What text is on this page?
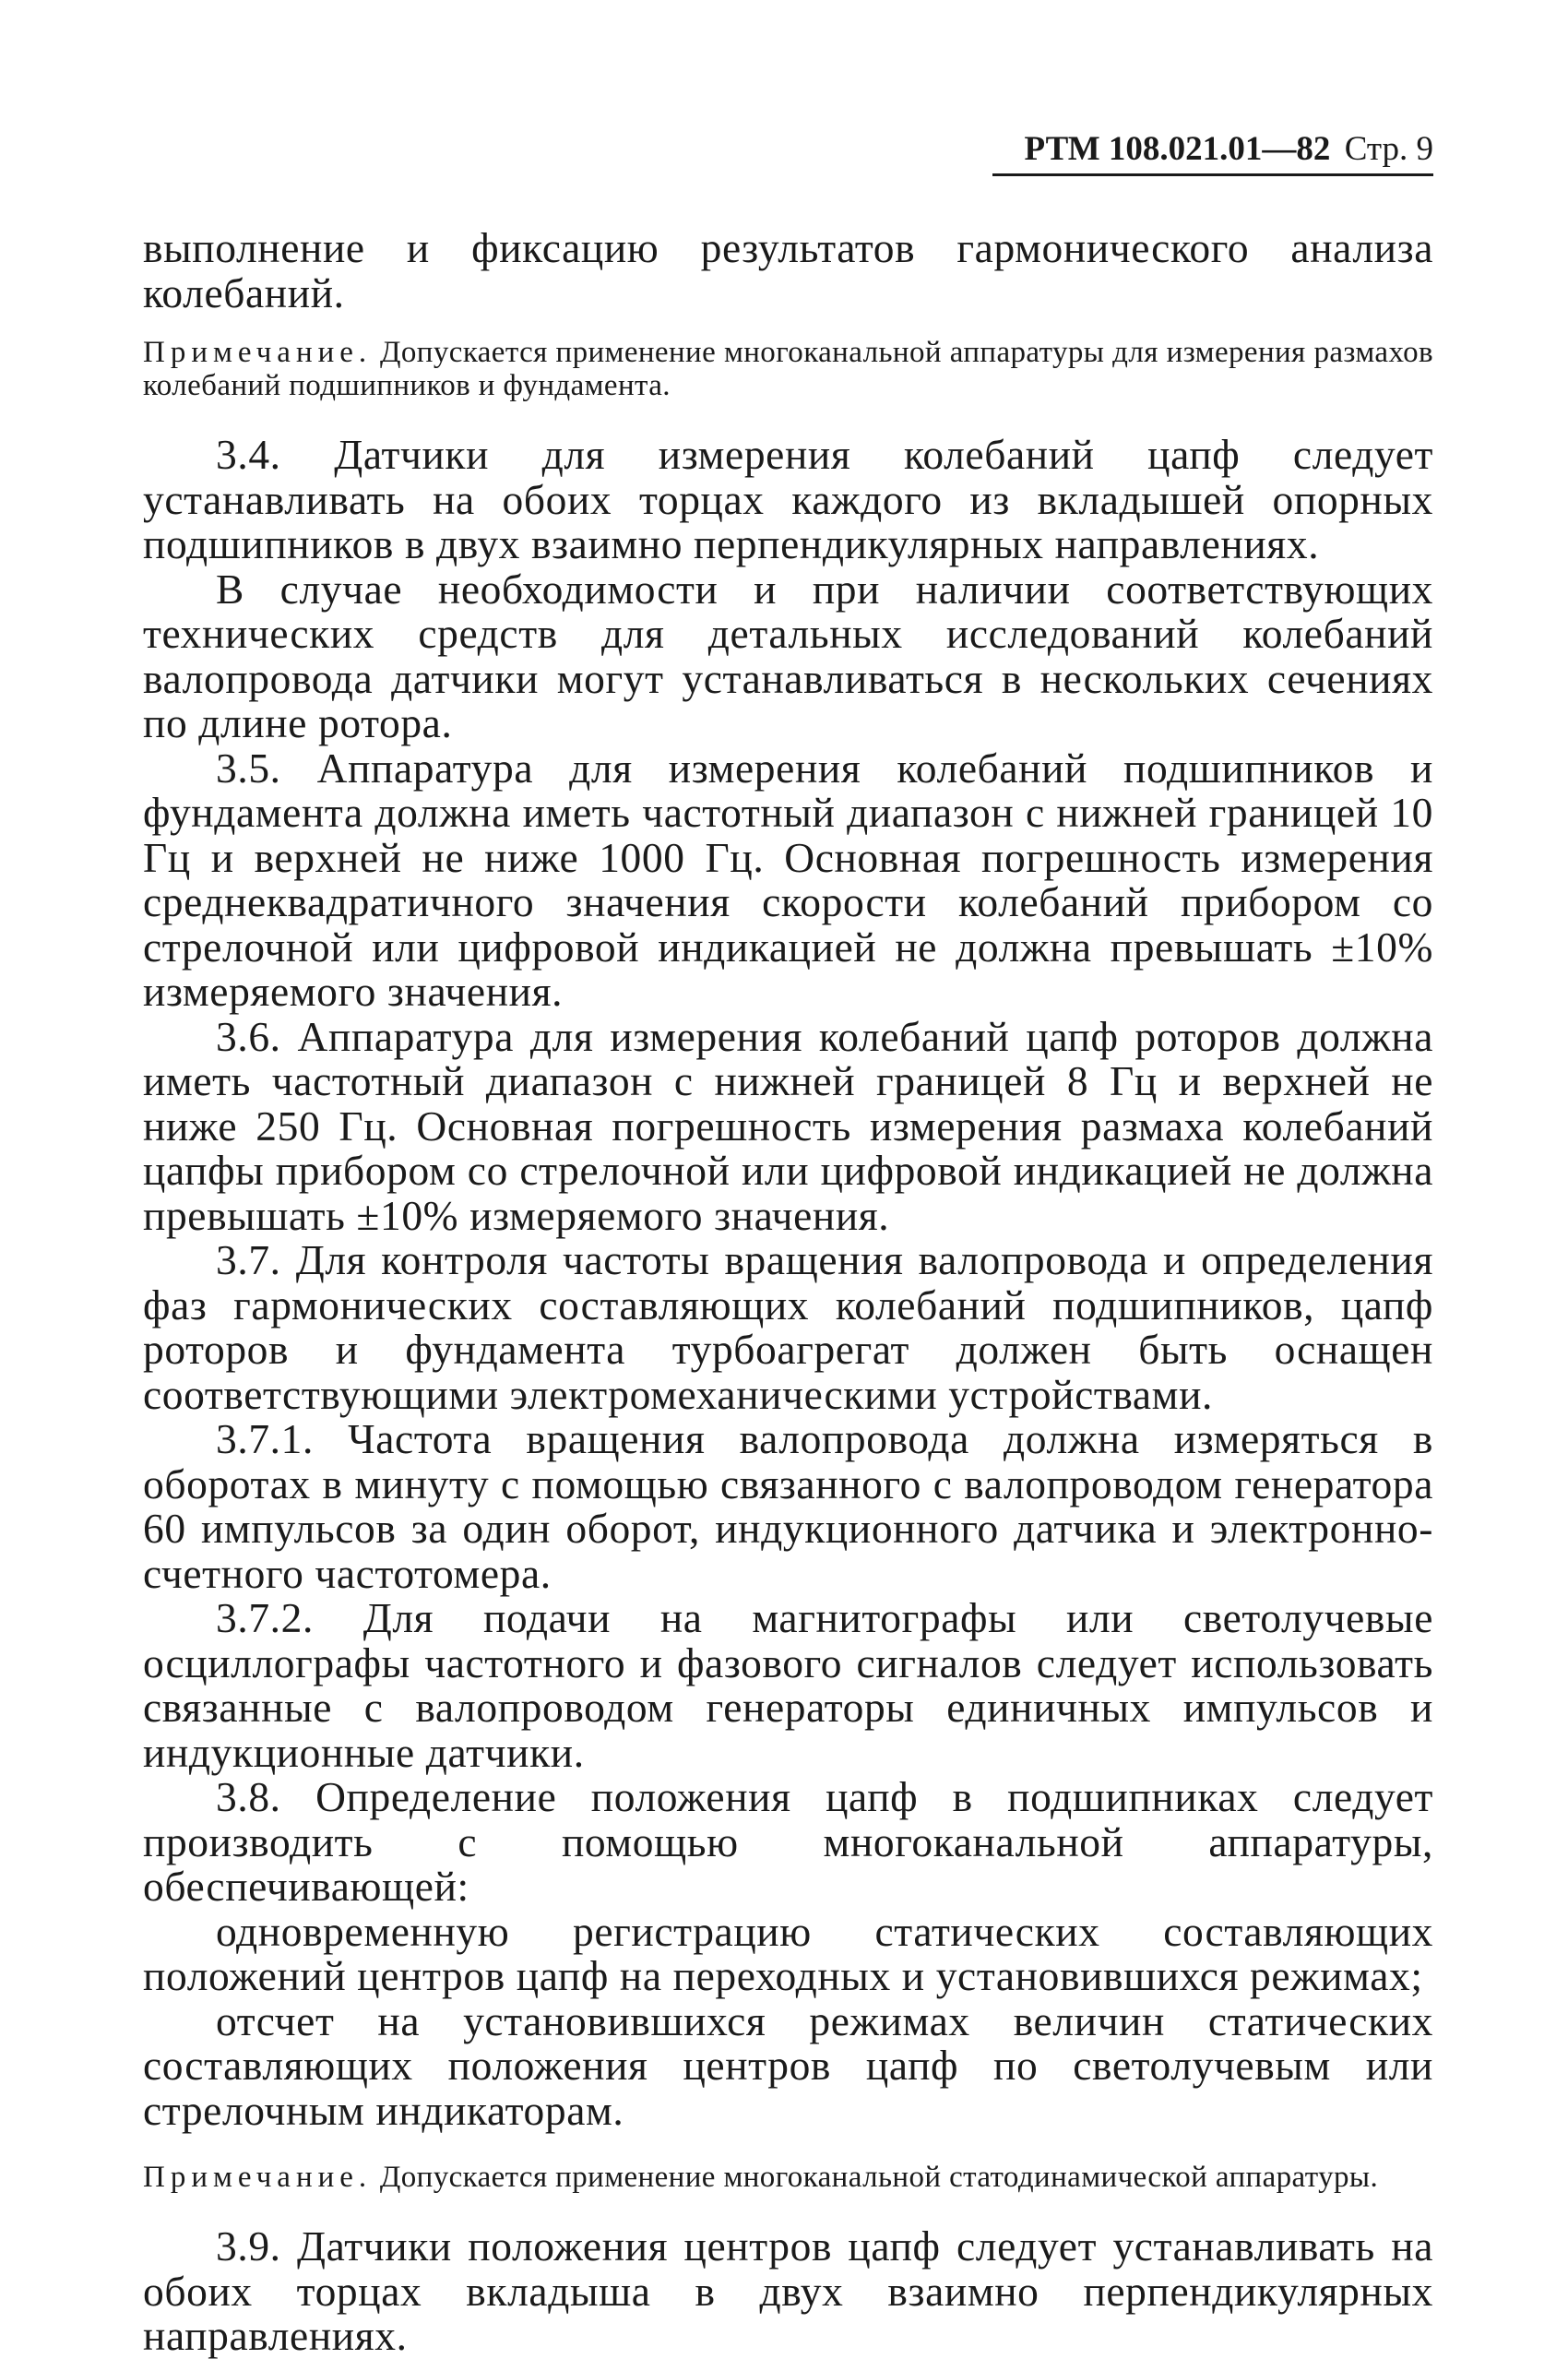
РТМ 108.021.01—82 Стр. 9

выполнение и фиксацию результатов гармонического анализа колебаний.

Примечание. Допускается применение многоканальной аппаратуры для измерения размахов колебаний подшипников и фундамента.

3.4. Датчики для измерения колебаний цапф следует устанавливать на обоих торцах каждого из вкладышей опорных подшипников в двух взаимно перпендикулярных направлениях.

В случае необходимости и при наличии соответствующих технических средств для детальных исследований колебаний валопровода датчики могут устанавливаться в нескольких сечениях по длине ротора.

3.5. Аппаратура для измерения колебаний подшипников и фундамента должна иметь частотный диапазон с нижней границей 10 Гц и верхней не ниже 1000 Гц. Основная погрешность измерения среднеквадратичного значения скорости колебаний прибором со стрелочной или цифровой индикацией не должна превышать ±10% измеряемого значения.

3.6. Аппаратура для измерения колебаний цапф роторов должна иметь частотный диапазон с нижней границей 8 Гц и верхней не ниже 250 Гц. Основная погрешность измерения размаха колебаний цапфы прибором со стрелочной или цифровой индикацией не должна превышать ±10% измеряемого значения.

3.7. Для контроля частоты вращения валопровода и определения фаз гармонических составляющих колебаний подшипников, цапф роторов и фундамента турбоагрегат должен быть оснащен соответствующими электромеханическими устройствами.

3.7.1. Частота вращения валопровода должна измеряться в оборотах в минуту с помощью связанного с валопроводом генератора 60 импульсов за один оборот, индукционного датчика и электронно-счетного частотомера.

3.7.2. Для подачи на магнитографы или светолучевые осциллографы частотного и фазового сигналов следует использовать связанные с валопроводом генераторы единичных импульсов и индукционные датчики.

3.8. Определение положения цапф в подшипниках следует производить с помощью многоканальной аппаратуры, обеспечивающей:

одновременную регистрацию статических составляющих положений центров цапф на переходных и установившихся режимах;

отсчет на установившихся режимах величин статических составляющих положения центров цапф по светолучевым или стрелочным индикаторам.

Примечание. Допускается применение многоканальной статодинамической аппаратуры.

3.9. Датчики положения центров цапф следует устанавливать на обоих торцах вкладыша в двух взаимно перпендикулярных направлениях.
